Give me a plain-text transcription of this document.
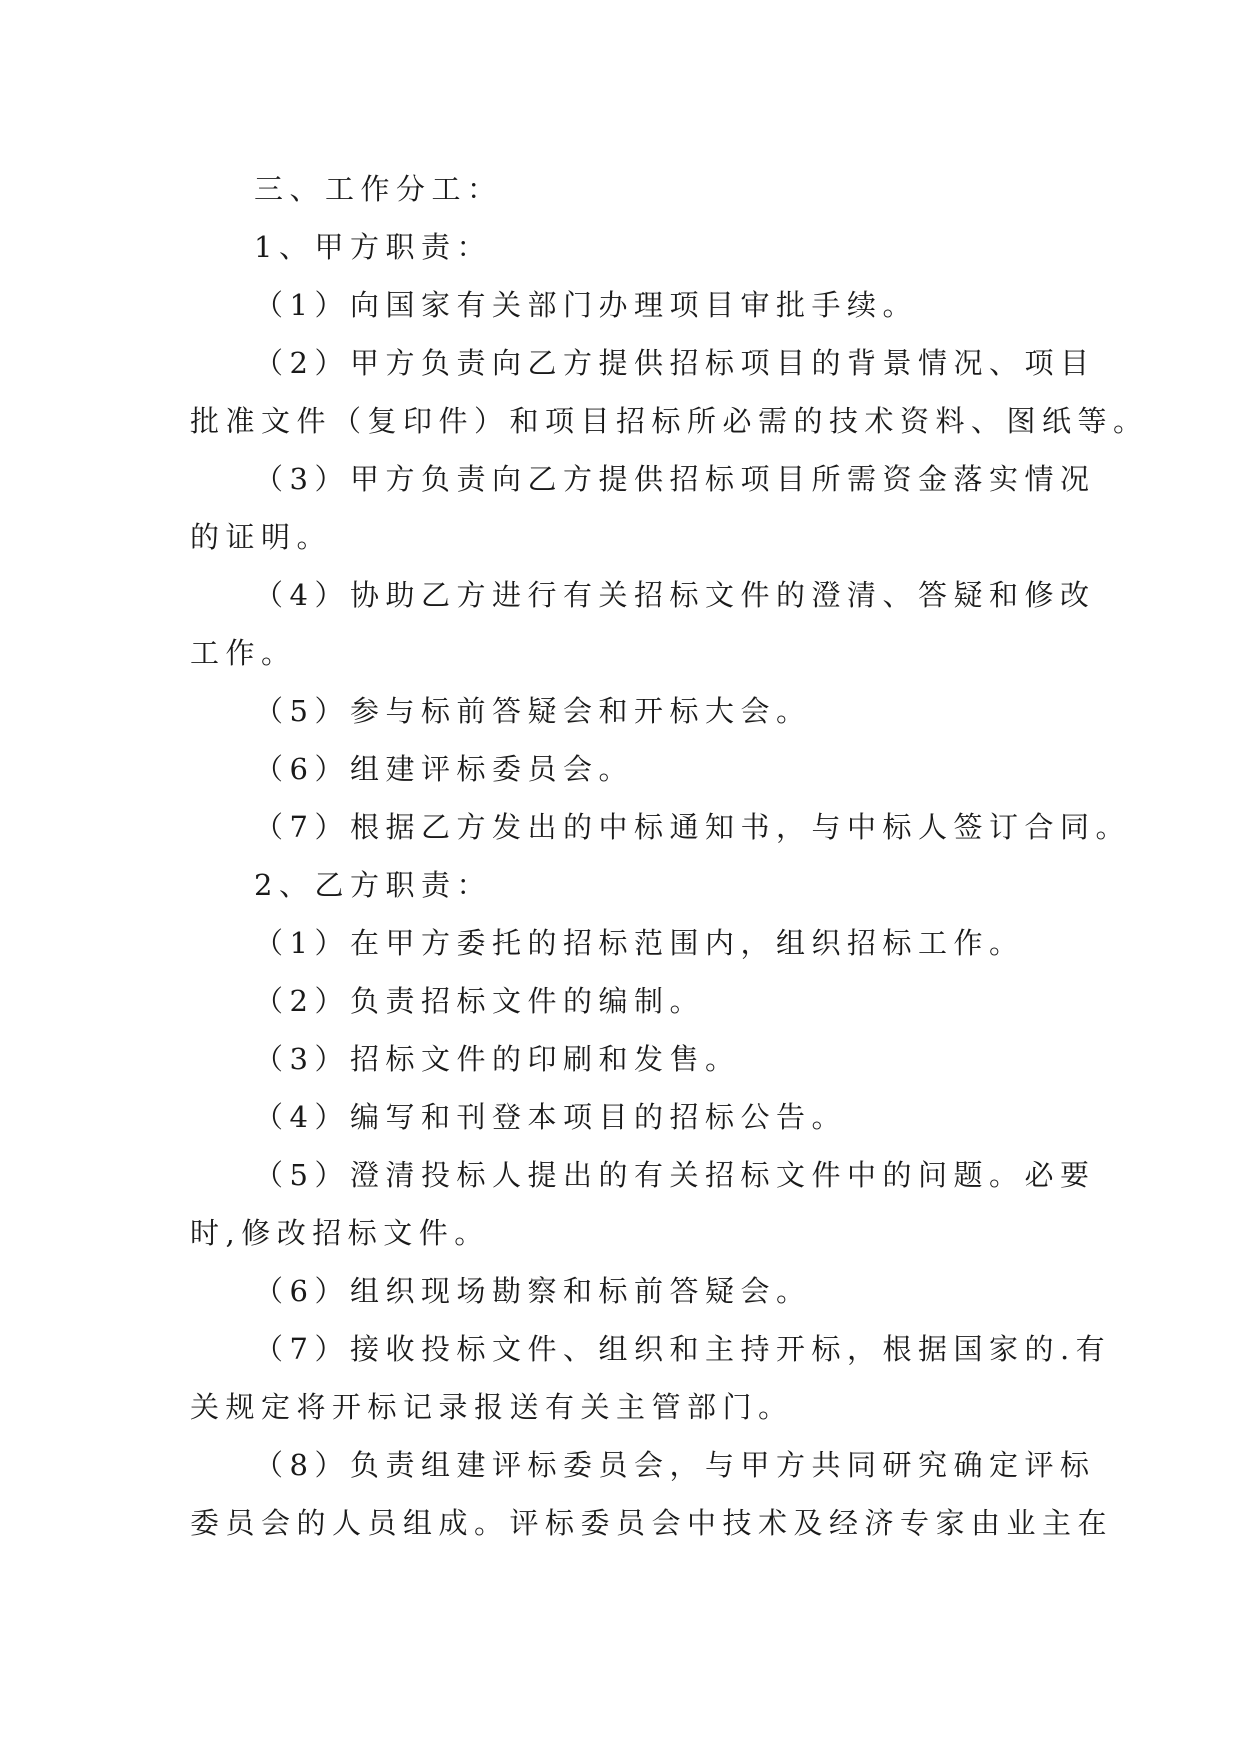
三、工作分工：
1、甲方职责：
（1）向国家有关部门办理项目审批手续。
（2）甲方负责向乙方提供招标项目的背景情况、项目
批准文件（复印件）和项目招标所必需的技术资料、图纸等。
（3）甲方负责向乙方提供招标项目所需资金落实情况
的证明。
（4）协助乙方进行有关招标文件的澄清、答疑和修改
工作。
（5）参与标前答疑会和开标大会。
（6）组建评标委员会。
（7）根据乙方发出的中标通知书，与中标人签订合同。
2、乙方职责：
（1）在甲方委托的招标范围内，组织招标工作。
（2）负责招标文件的编制。
（3）招标文件的印刷和发售。
（4）编写和刊登本项目的招标公告。
（5）澄清投标人提出的有关招标文件中的问题。必要
时,修改招标文件。
（6）组织现场勘察和标前答疑会。
（7）接收投标文件、组织和主持开标，根据国家的.有
关规定将开标记录报送有关主管部门。
（8）负责组建评标委员会，与甲方共同研究确定评标
委员会的人员组成。评标委员会中技术及经济专家由业主在
